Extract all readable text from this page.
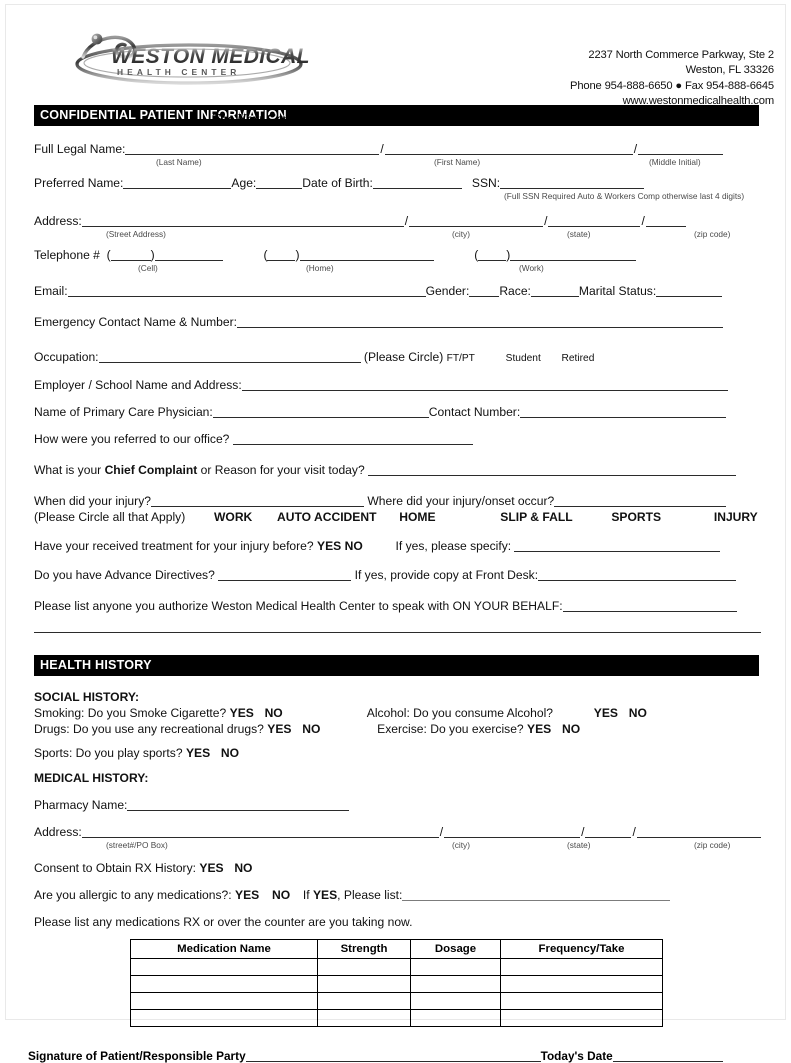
WESTON MEDICAL
HEALTH CENTER
2237 North Commerce Parkway, Ste 2
Weston, FL 33326
Phone 954-888-6650 ● Fax 954-888-6645
www.westonmedicalhealth.com
The Next Generation in Healthcare
CONFIDENTIAL PATIENT INFORMATION
Full Legal Name:	/	/
(Last Name)	(First Name)	(Middle Initial)
Preferred Name:	Age:	Date of Birth:	SSN:
(Full SSN Required Auto & Workers Comp otherwise last 4 digits)
Address:	/	/	/
(Street Address)	(city)	(state)	(zip code)
Telephone #  (	)	( )	( )
(Cell)	(Home)	(Work)
Email:	Gender: Race:	Marital Status:
Emergency Contact Name & Number:
Occupation:	(Please Circle) FT/PT	Student Retired
Employer / School Name and Address:
Name of Primary Care Physician:	Contact Number:
How were you referred to our office?
What is your Chief Complaint or Reason for your visit today?
When did your injury?	Where did your injury/onset occur?
(Please Circle all that Apply) WORK AUTO ACCIDENT HOME	SLIP & FALL	SPORTS	INJURY
Have your received treatment for your injury before? YES NO	If yes, please specify:
Do you have Advance Directives?	If yes, provide copy at Front Desk:
Please list anyone you authorize Weston Medical Health Center to speak with ON YOUR BEHALF:
HEALTH HISTORY
SOCIAL HISTORY:
Smoking: Do you Smoke Cigarette? YES NO	Alcohol: Do you consume Alcohol?	YES NO
Drugs: Do you use any recreational drugs? YES NO	Exercise: Do you exercise? YES NO
Sports: Do you play sports? YES NO
MEDICAL HISTORY:
Pharmacy Name:
Address:	/	/	/
(street#/PO Box)	(city)	(state)	(zip code)
Consent to Obtain RX History: YES NO
Are you allergic to any medications?: YES NO If YES, Please list:
Please list any medications RX or over the counter are you taking now.
Medication Name	Strength	Dosage	Frequency/Take

Signature of Patient/Responsible Party	Today's Date
